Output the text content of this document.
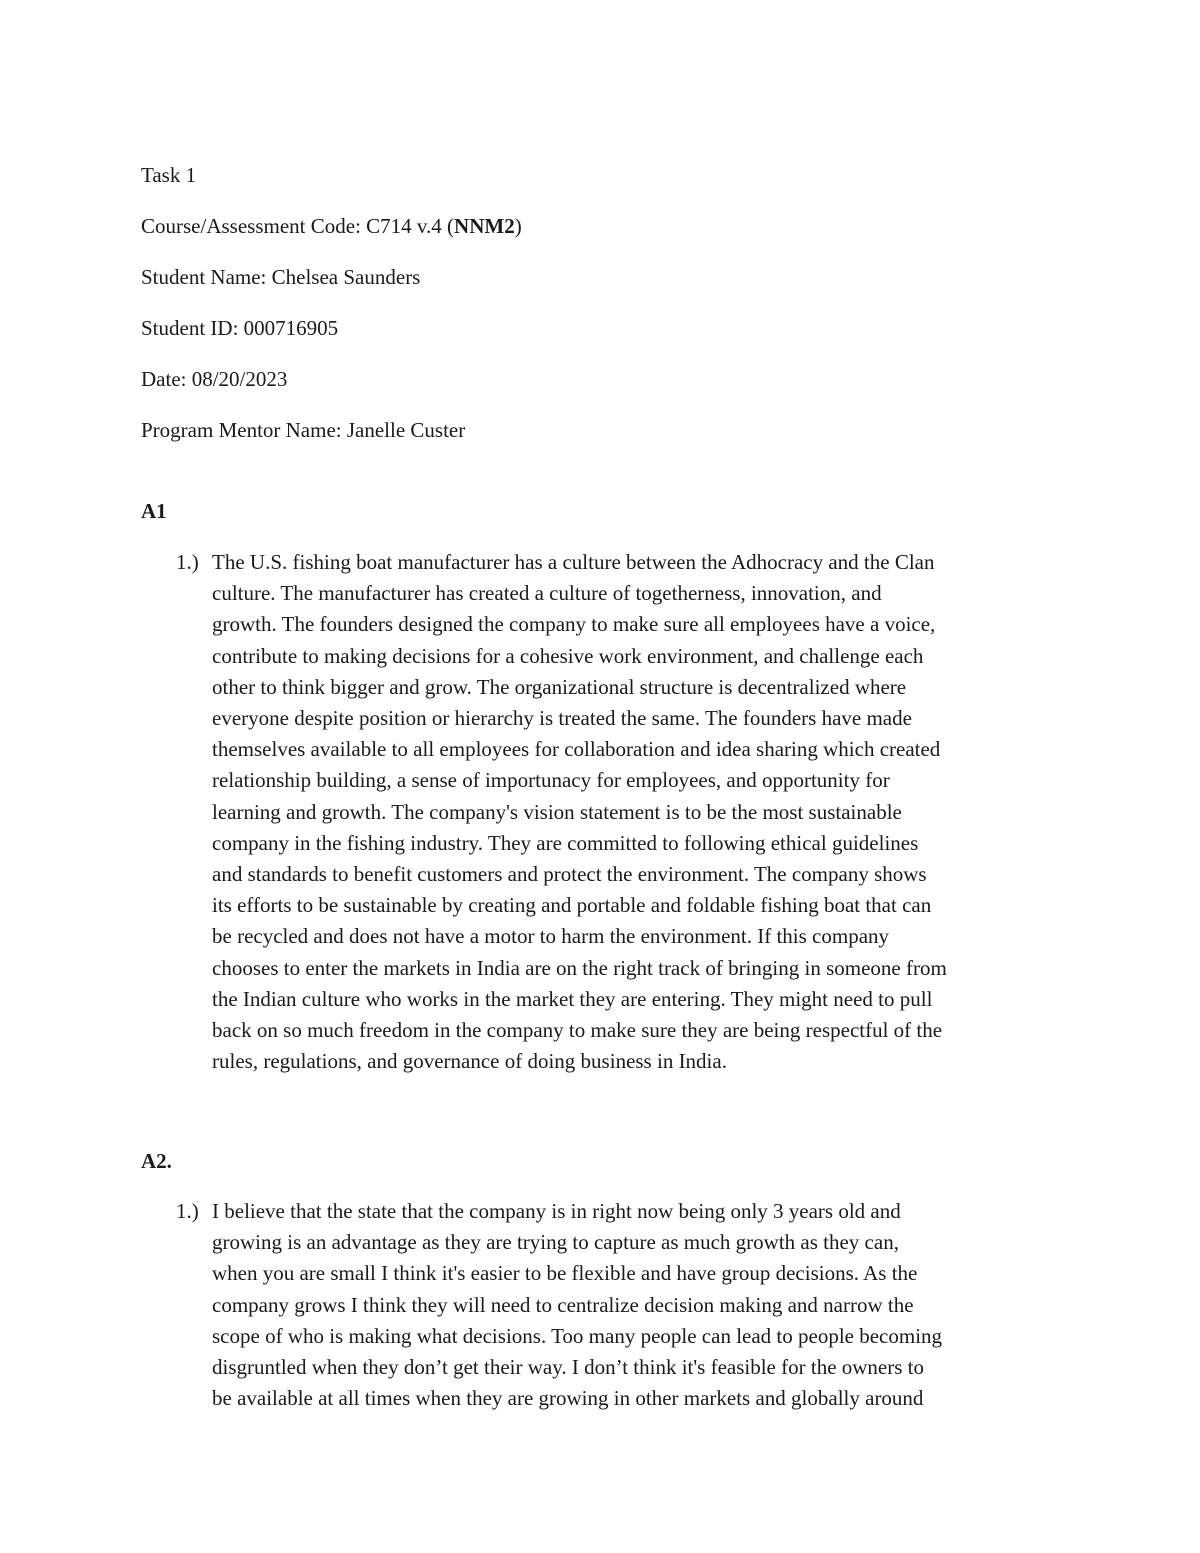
Task 1
Course/Assessment Code: C714 v.4 (NNM2)
Student Name: Chelsea Saunders
Student ID: 000716905
Date: 08/20/2023
Program Mentor Name: Janelle Custer
A1
1.) The U.S. fishing boat manufacturer has a culture between the Adhocracy and the Clan
culture. The manufacturer has created a culture of togetherness, innovation, and
growth. The founders designed the company to make sure all employees have a voice,
contribute to making decisions for a cohesive work environment, and challenge each
other to think bigger and grow. The organizational structure is decentralized where
everyone despite position or hierarchy is treated the same. The founders have made
themselves available to all employees for collaboration and idea sharing which created
relationship building, a sense of importunacy for employees, and opportunity for
learning and growth. The company's vision statement is to be the most sustainable
company in the fishing industry. They are committed to following ethical guidelines
and standards to benefit customers and protect the environment. The company shows
its efforts to be sustainable by creating and portable and foldable fishing boat that can
be recycled and does not have a motor to harm the environment. If this company
chooses to enter the markets in India are on the right track of bringing in someone from
the Indian culture who works in the market they are entering. They might need to pull
back on so much freedom in the company to make sure they are being respectful of the
rules, regulations, and governance of doing business in India.
A2.
1.) I believe that the state that the company is in right now being only 3 years old and
growing is an advantage as they are trying to capture as much growth as they can,
when you are small I think it's easier to be flexible and have group decisions. As the
company grows I think they will need to centralize decision making and narrow the
scope of who is making what decisions. Too many people can lead to people becoming
disgruntled when they don’t get their way. I don’t think it's feasible for the owners to
be available at all times when they are growing in other markets and globally around
